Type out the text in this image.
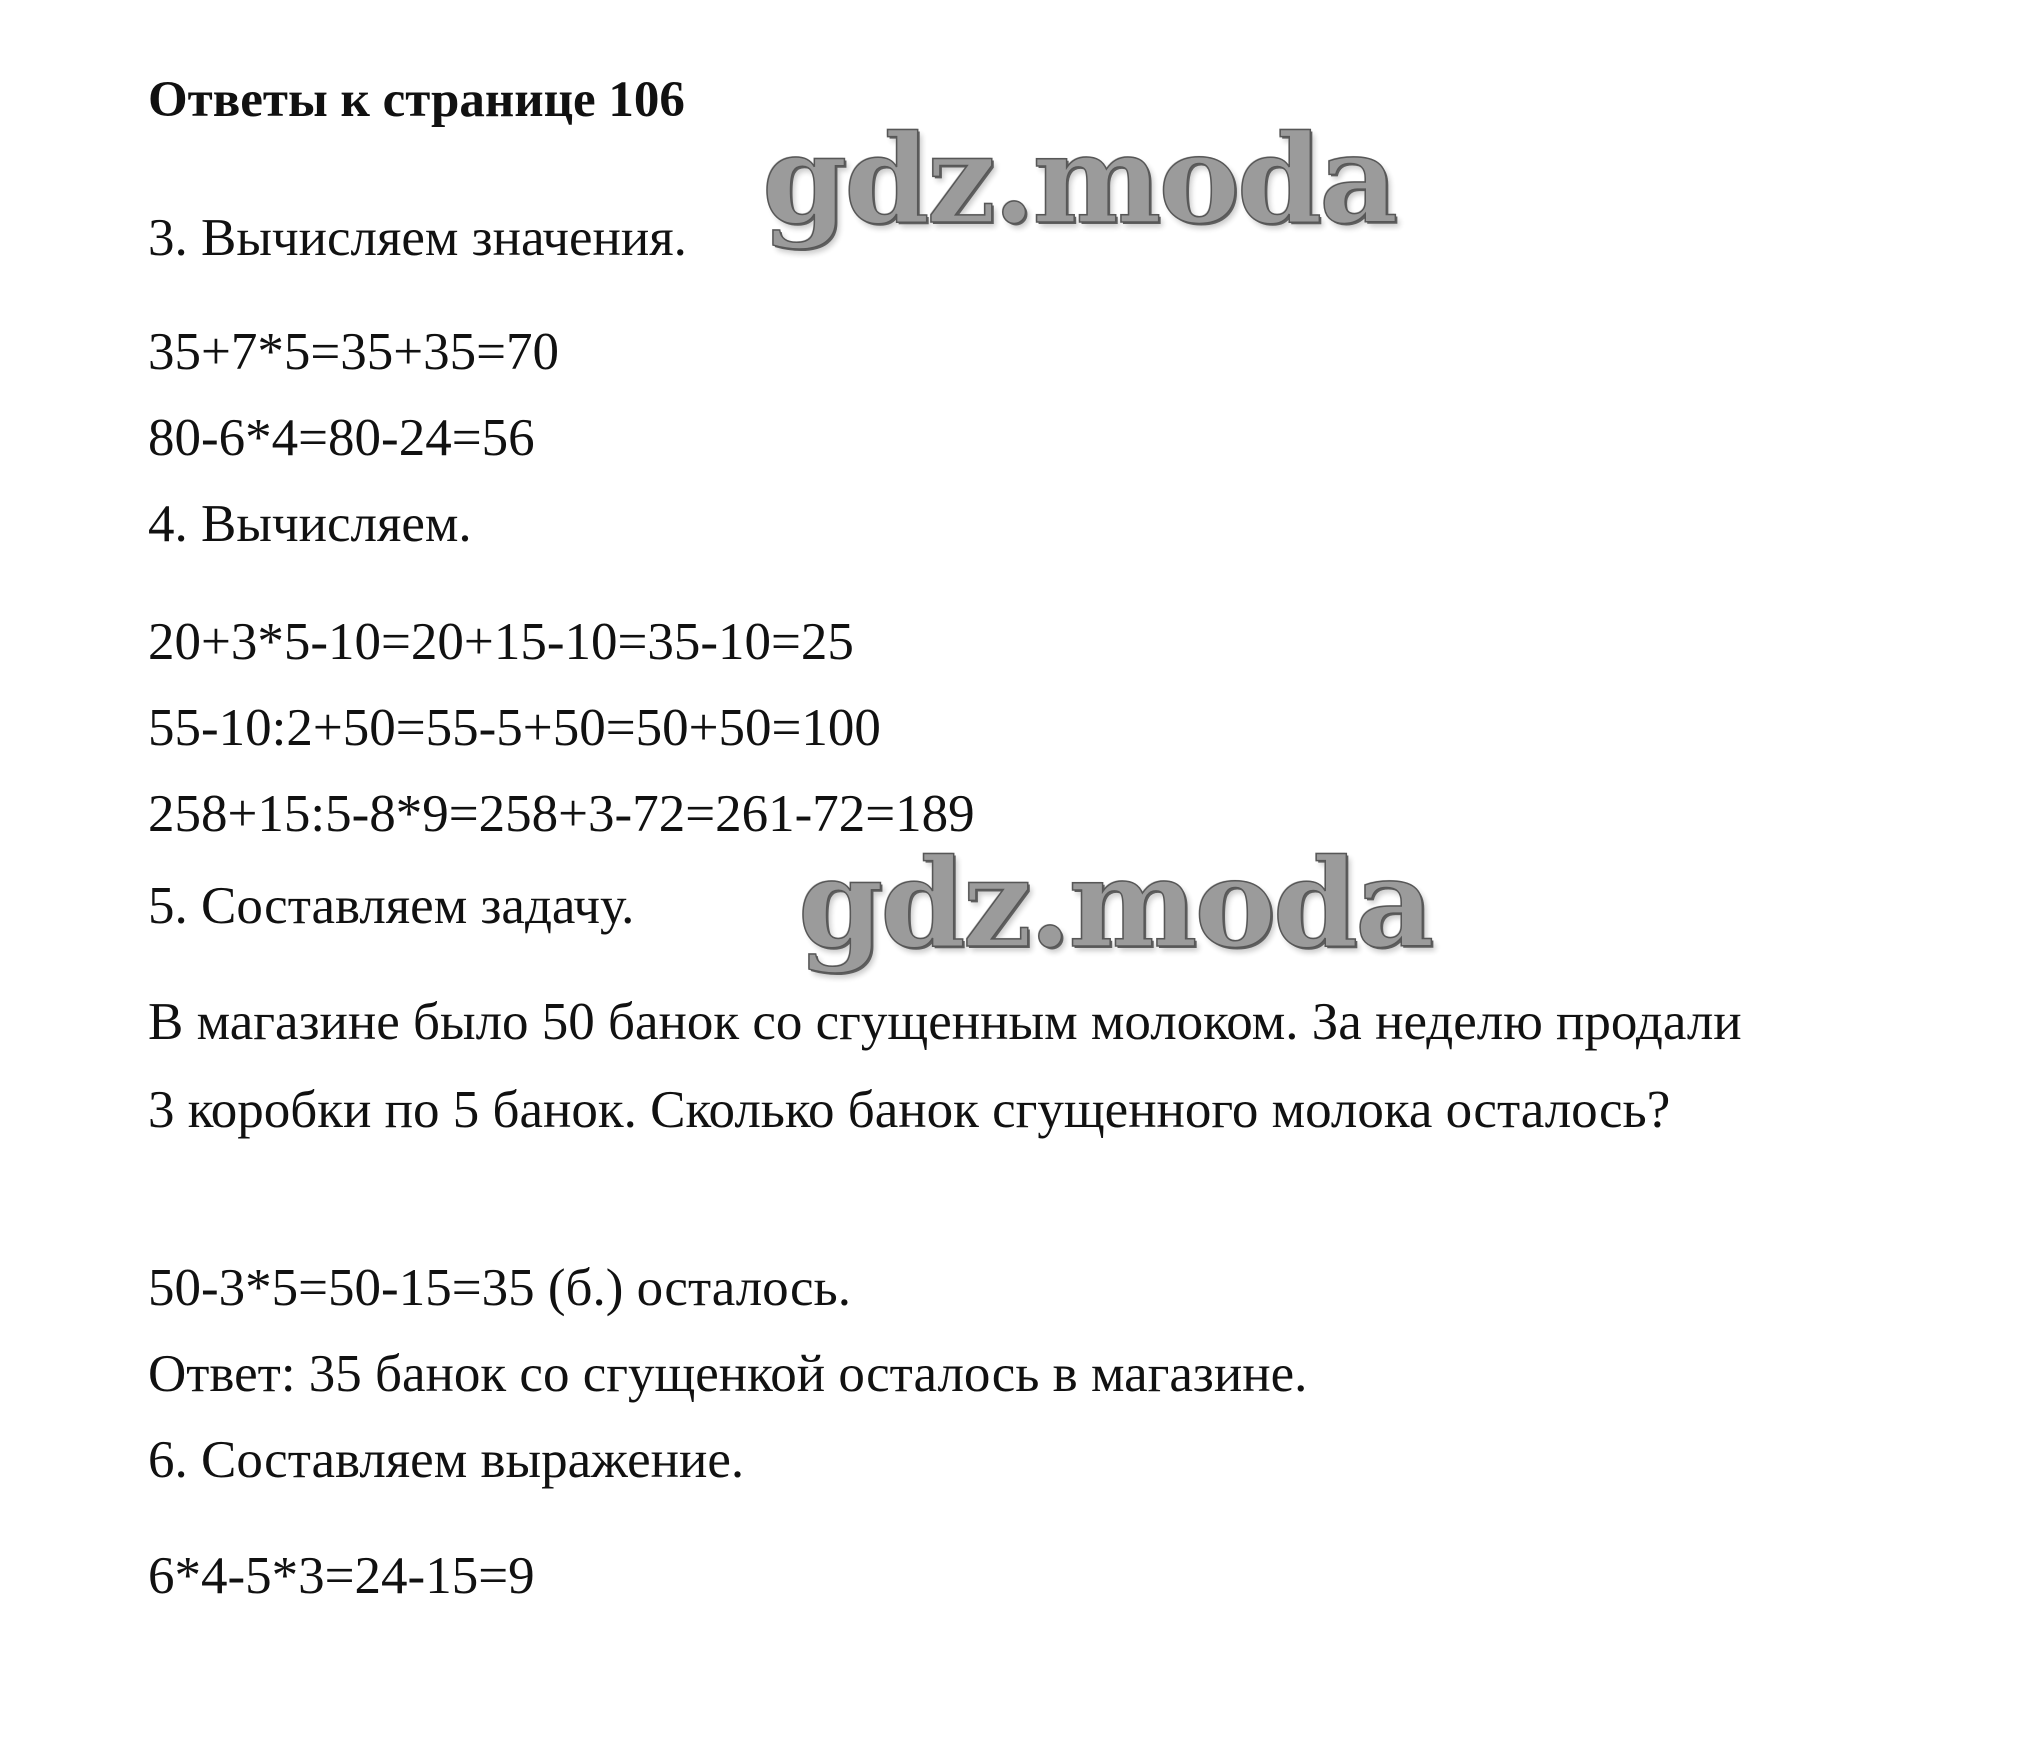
Ответы к странице 106

gdz.moda

3. Вычисляем значения.

35+7*5=35+35=70

80-6*4=80-24=56

4. Вычисляем.

20+3*5-10=20+15-10=35-10=25

55-10:2+50=55-5+50=50+50=100

258+15:5-8*9=258+3-72=261-72=189

5. Составляем задачу. gdz.moda

В магазине было 50 банок со сгущенным молоком. За неделю продали

3 коробки по 5 банок. Сколько банок сгущенного молока осталось?

50-3*5=50-15=35 (б.) осталось.

Ответ: 35 банок со сгущенкой осталось в магазине.

6. Составляем выражение.

6*4-5*3=24-15=9
